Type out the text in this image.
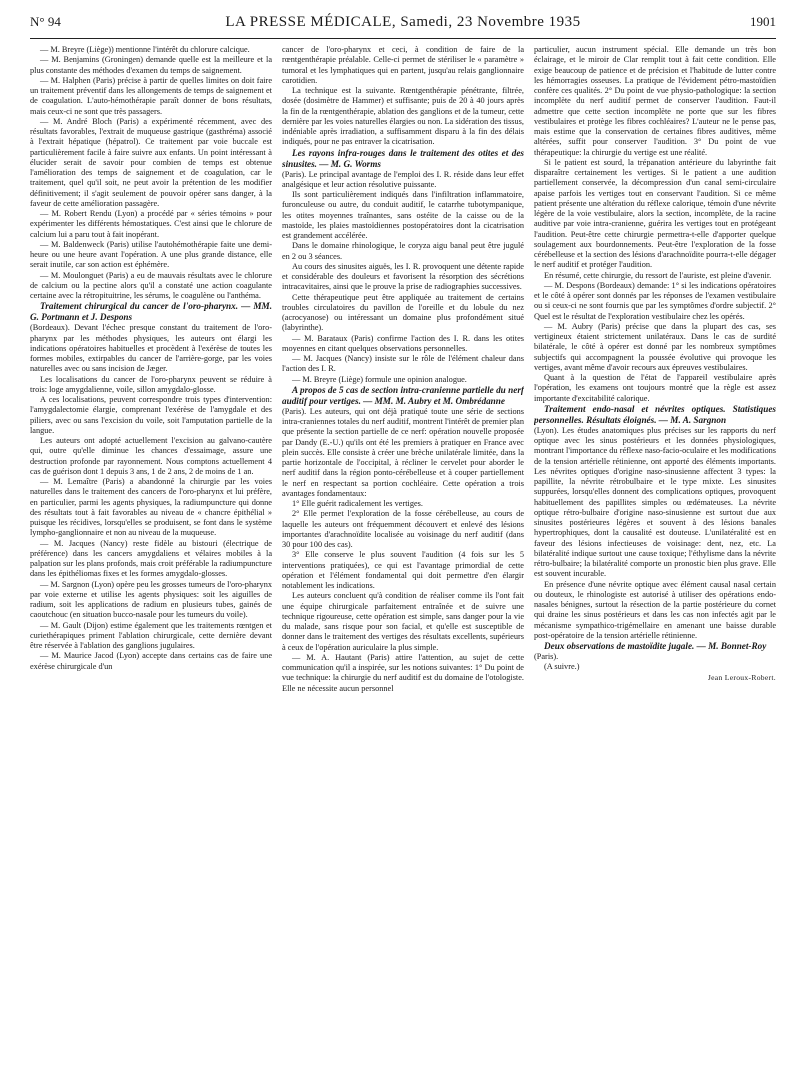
N° 94	LA PRESSE MÉDICALE, Samedi, 23 Novembre 1935	1901

— M. Breyre (Liège)) mentionne l'intérêt du chlorure calcique.

— M. Benjamins (Groningen) demande quelle est la meilleure et la plus constante des méthodes d'examen du temps de saignement.

— M. Halphen (Paris) précise à partir de quelles limites on doit faire un traitement préventif dans les allongements de temps de saignement et de coagulation. L'auto-hémothérapie paraît donner de bons résultats, mais ceux-ci ne sont que très passagers.

— M. André Bloch (Paris) a expérimenté récemment, avec des résultats favorables, l'extrait de muqueuse gastrique (gasthréma) associé à l'extrait hépatique (hépatrol). Ce traitement par voie buccale est particulièrement facile à faire suivre aux enfants. Un point intéressant à élucider serait de savoir pour combien de temps est obtenue l'amélioration des temps de saignement et de coagulation, car le traitement, quel qu'il soit, ne peut avoir la prétention de les modifier définitivement; il s'agit seulement de pouvoir opérer sans danger, à la faveur de cette amélioration passagère.

— M. Robert Rendu (Lyon) a procédé par « séries témoins » pour expérimenter les différents hémostatiques. C'est ainsi que le chlorure de calcium lui a paru tout à fait inopérant.

— M. Baldenweck (Paris) utilise l'autohémothérapie faite une demi-heure ou une heure avant l'opération. A une plus grande distance, elle serait inutile, car son action est éphémère.

— M. Moulonguet (Paris) a eu de mauvais résultats avec le chlorure de calcium ou la pectine alors qu'il a constaté une action coagulante certaine avec la rétropituitrine, les sérums, le coagulène ou l'anthéma.

Traitement chirurgical du cancer de l'oro-pharynx. — MM. G. Portmann et J. Despons

(Bordeaux). Devant l'échec presque constant du traitement de l'oro-pharynx par les méthodes physiques, les auteurs ont élargi les indications opératoires habituelles et procèdent à l'exérèse de toutes les formes mobiles, extirpables du cancer de l'arrière-gorge, par les voies naturelles avec ou sans incision de Jæger.

Les localisations du cancer de l'oro-pharynx peuvent se réduire à trois: loge amygdalienne, voile, sillon amygdalo-glosse.

A ces localisations, peuvent correspondre trois types d'intervention: l'amygdalectomie élargie, comprenant l'exérèse de l'amygdale et des piliers, avec ou sans l'excision du voile, soit l'amputation partielle de la langue.

Les auteurs ont adopté actuellement l'excision au galvano-cautère qui, outre qu'elle diminue les chances d'essaimage, assure une destruction profonde par rayonnement. Nous comptons actuellement 4 cas de guérison dont 1 depuis 3 ans, 1 de 2 ans, 2 de moins de 1 an.

— M. Lemaître (Paris) a abandonné la chirurgie par les voies naturelles dans le traitement des cancers de l'oro-pharynx et lui préfère, en particulier, parmi les agents physiques, la radiumpuncture qui donne des résultats tout à fait favorables au niveau de « chancre épithélial » puisque les récidives, lorsqu'elles se produisent, se font dans le système lympho-ganglionnaire et non au niveau de la muqueuse.

— M. Jacques (Nancy) reste fidèle au bistouri (électrique de préférence) dans les cancers amygdaliens et vélaires mobiles à la palpation sur les plans profonds, mais croit préférable la radiumpuncture dans les épithéliomas fixes et les formes amygdalo-glosses.

— M. Sargnon (Lyon) opère peu les grosses tumeurs de l'oro-pharynx par voie externe et utilise les agents physiques: soit les aiguilles de radium, soit les applications de radium en plusieurs tubes, gainés de caoutchouc (en situation bucco-nasale pour les tumeurs du voile).

— M. Gault (Dijon) estime également que les traitements rœntgen et curiethérapiques priment l'ablation chirurgicale, cette dernière devant être réservée à l'ablation des ganglions jugulaires.

— M. Maurice Jacod (Lyon) accepte dans certains cas de faire une exérèse chirurgicale d'un

cancer de l'oro-pharynx et ceci, à condition de faire de la rœntgenthérapie préalable. Celle-ci permet de stériliser le « paramètre » tumoral et les lymphatiques qui en partent, jusqu'au relais ganglionnaire carotidien.

La technique est la suivante. Rœntgenthérapie pénétrante, filtrée, dosée (dosimètre de Hammer) et suffisante; puis de 20 à 40 jours après la fin de la rœntgenthérapie, ablation des ganglions et de la tumeur, cette dernière par les voies naturelles élargies ou non. La sidération des tissus, indéniable après irradiation, a suffisamment disparu à la fin des délais indiqués, pour ne pas entraver la cicatrisation.

Les rayons infra-rouges dans le traitement des otites et des sinusites. — M. G. Worms

(Paris). Le principal avantage de l'emploi des I. R. réside dans leur effet analgésique et leur action résolutive puissante.

Ils sont particulièrement indiqués dans l'infiltration inflammatoire, furonculeuse ou autre, du conduit auditif, le catarrhe tubotympanique, les otites moyennes traînantes, sans ostéite de la caisse ou de la mastoïde, les plaies mastoïdiennes postopératoires dont la cicatrisation est grandement accélérée.

Dans le domaine rhinologique, le coryza aigu banal peut être jugulé en 2 ou 3 séances.

Au cours des sinusites aiguës, les I. R. provoquent une détente rapide et considérable des douleurs et favorisent la résorption des sécrétions intracavitaires, ainsi que le prouve la prise de radiographies successives.

Cette thérapeutique peut être appliquée au traitement de certains troubles circulatoires du pavillon de l'oreille et du lobule du nez (acrocyanose) ou intéressant un domaine plus profondément situé (labyrinthe).

— M. Barataux (Paris) confirme l'action des I. R. dans les otites moyennes en citant quelques observations personnelles.

— M. Jacques (Nancy) insiste sur le rôle de l'élément chaleur dans l'action des I. R.

— M. Breyre (Liège) formule une opinion analogue.

A propos de 5 cas de section intra-cranienne partielle du nerf auditif pour vertiges. — MM. M. Aubry et M. Ombrédanne

(Paris). Les auteurs, qui ont déjà pratiqué toute une série de sections intra-craniennes totales du nerf auditif, montrent l'intérêt de premier plan que présente la section partielle de ce nerf: opération nouvelle proposée par Dandy (E.-U.) qu'ils ont été les premiers à pratiquer en France avec plein succès. Elle consiste à créer une brèche unilatérale limitée, dans la partie horizontale de l'occipital, à récliner le cervelet pour aborder le nerf auditif dans la région ponto-cérébelleuse et à couper partiellement le nerf en respectant sa portion cochléaire. Cette opération a trois avantages fondamentaux:

1° Elle guérit radicalement les vertiges.

2° Elle permet l'exploration de la fosse cérébelleuse, au cours de laquelle les auteurs ont fréquemment découvert et enlevé des lésions importantes d'arachnoïdite localisée au voisinage du nerf auditif (dans 30 pour 100 des cas).

3° Elle conserve le plus souvent l'audition (4 fois sur les 5 interventions pratiquées), ce qui est l'avantage primordial de cette opération et l'élément fondamental qui doit permettre d'en élargir notablement les indications.

Les auteurs concluent qu'à condition de réaliser comme ils l'ont fait une équipe chirurgicale parfaitement entraînée et de suivre une technique rigoureuse, cette opération est simple, sans danger pour la vie du malade, sans risque pour son facial, et qu'elle est susceptible de donner dans le traitement des vertiges des résultats excellents, supérieurs à ceux de l'opération auriculaire la plus simple.

— M. A. Hautant (Paris) attire l'attention, au sujet de cette communication qu'il a inspirée, sur les notions suivantes: 1° Du point de vue technique: la chirurgie du nerf auditif est du domaine de l'otologiste. Elle ne nécessite aucun personnel

particulier, aucun instrument spécial. Elle demande un très bon éclairage, et le miroir de Clar remplit tout à fait cette condition. Elle exige beaucoup de patience et de précision et l'habitude de lutter contre les hémorragies osseuses. La pratique de l'évidement pétro-mastoïdien confère ces qualités. 2° Du point de vue physio-pathologique: la section incomplète du nerf auditif permet de conserver l'audition. Faut-il admettre que cette section incomplète ne porte que sur les fibres vestibulaires et protège les fibres cochléaires? L'auteur ne le pense pas, mais estime que la conservation de certaines fibres auditives, même altérées, suffit pour conserver l'audition. 3° Du point de vue thérapeutique: la chirurgie du vertige est une réalité.

Si le patient est sourd, la trépanation antérieure du labyrinthe fait disparaître certainement les vertiges. Si le patient a une audition partiellement conservée, la décompression d'un canal semi-circulaire apaise parfois les vertiges tout en conservant l'audition. Si ce même patient présente une altération du réflexe calorique, témoin d'une névrite légère de la voie vestibulaire, alors la section, incomplète, de la racine auditive par voie intra-cranienne, guérira les vertiges tout en protégeant l'audition. Peut-être cette chirurgie permettra-t-elle d'apporter quelque soulagement aux bourdonnements. Peut-être l'exploration de la fosse cérébelleuse et la section des lésions d'arachnoïdite pourra-t-elle dégager le nerf auditif et protéger l'audition.

En résumé, cette chirurgie, du ressort de l'auriste, est pleine d'avenir.

— M. Despons (Bordeaux) demande: 1° si les indications opératoires et le côté à opérer sont donnés par les réponses de l'examen vestibulaire ou si ceux-ci ne sont fournis que par les symptômes d'ordre subjectif. 2° Quel est le résultat de l'exploration vestibulaire chez les opérés.

— M. Aubry (Paris) précise que dans la plupart des cas, ses vertigineux étaient strictement unilatéraux. Dans le cas de surdité bilatérale, le côté à opérer est donné par les nombreux symptômes subjectifs qui accompagnent la poussée évolutive qui provoque les vertiges, avant même d'avoir recours aux épreuves vestibulaires.

Quant à la question de l'état de l'appareil vestibulaire après l'opération, les examens ont toujours montré que la règle est assez importante d'excitabilité calorique.

Traitement endo-nasal et névrites optiques. Statistiques personnelles. Résultats éloignés. — M. A. Sargnon

(Lyon). Les études anatomiques plus précises sur les rapports du nerf optique avec les sinus postérieurs et les données physiologiques, montrant l'importance du réflexe naso-facio-oculaire et les modifications de la tension artérielle rétinienne, ont apporté des éléments importants. Les névrites optiques d'origine naso-sinusienne affectent 3 types: la papillite, la névrite rétrobulbaire et le type mixte. Les sinusites suppurées, lorsqu'elles donnent des complications optiques, provoquent habituellement des papillites simples ou œdémateuses. La névrite optique rétro-bulbaire d'origine naso-sinusienne est surtout due aux sinusites postérieures légères et souvent à des lésions banales hypertrophiques, dont la causalité est douteuse. L'unilatéralité est en faveur des lésions infectieuses de voisinage: dent, nez, etc. La bilatéralité indique surtout une cause toxique; l'éthylisme dans la névrite rétro-bulbaire; la bilatéralité comporte un pronostic bien plus grave. Elle est souvent incurable.

En présence d'une névrite optique avec élément causal nasal certain ou douteux, le rhinologiste est autorisé à utiliser des opérations endo-nasales bénignes, surtout la résection de la partie postérieure du cornet qui draine les sinus postérieurs et dans les cas non infectés agit par le mécanisme sympathico-trigémellaire en amenant une baisse durable post-opératoire de la tension artérielle rétinienne.

Deux observations de mastoïdite jugale. — M. Bonnet-Roy

(Paris).

(A suivre.)

Jean Leroux-Robert.
